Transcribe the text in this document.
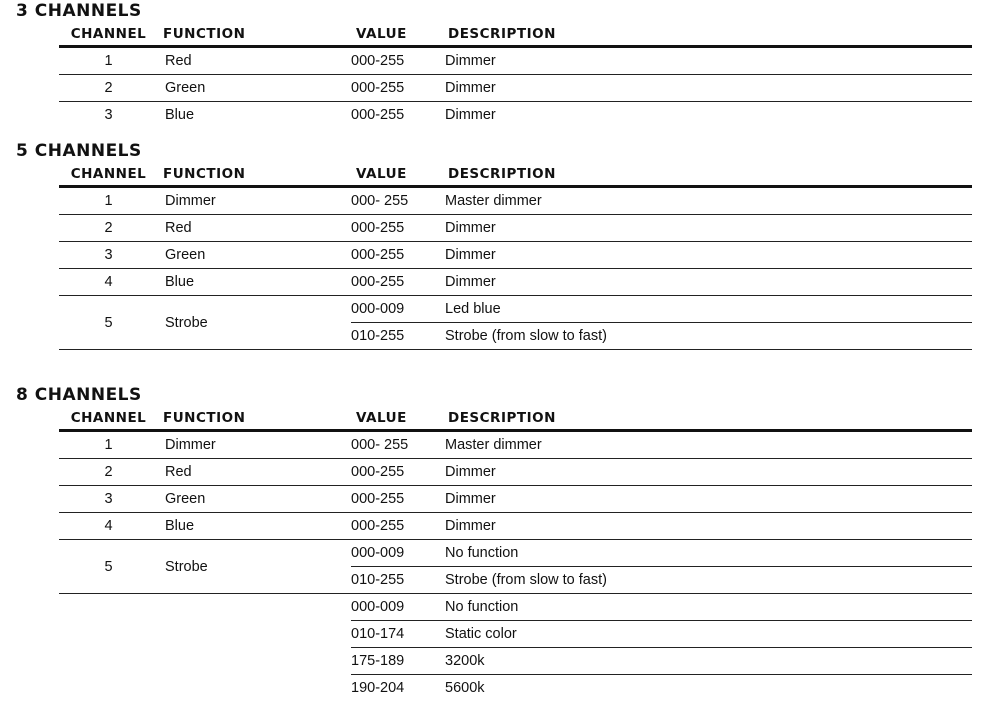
3 CHANNELS
CHANNEL	FUNCTION	VALUE	DESCRIPTION
1	Red	000-255	Dimmer
2	Green	000-255	Dimmer
3	Blue	000-255	Dimmer
5 CHANNELS
CHANNEL	FUNCTION	VALUE	DESCRIPTION
1	Dimmer	000- 255	Master dimmer
2	Red	000-255	Dimmer
3	Green	000-255	Dimmer
4	Blue	000-255	Dimmer
5	Strobe	000-009	Led blue
		010-255	Strobe (from slow to fast)
8 CHANNELS
CHANNEL	FUNCTION	VALUE	DESCRIPTION
1	Dimmer	000- 255	Master dimmer
2	Red	000-255	Dimmer
3	Green	000-255	Dimmer
4	Blue	000-255	Dimmer
5	Strobe	000-009	No function
		010-255	Strobe (from slow to fast)
		000-009	No function
		010-174	Static color
		175-189	3200k
		190-204	5600k
